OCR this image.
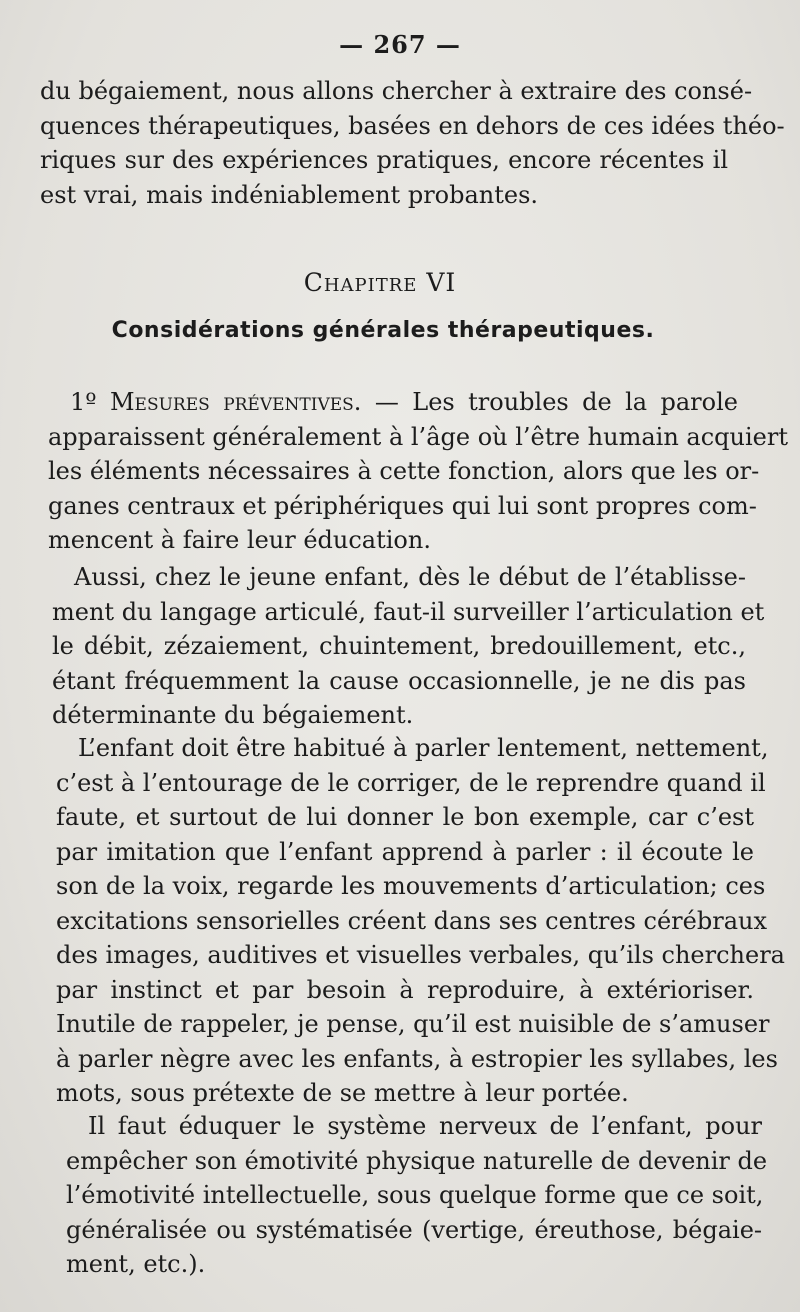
— 267 —
du bégaiement, nous allons chercher à extraire des consé-
quences thérapeutiques, basées en dehors de ces idées théo-
riques sur des expériences pratiques, encore récentes il
est vrai, mais indéniablement probantes.
Chapitre VI
Considérations générales thérapeutiques.
1º Mesures préventives. — Les troubles de la parole
apparaissent généralement à l’âge où l’être humain acquiert
les éléments nécessaires à cette fonction, alors que les or-
ganes centraux et périphériques qui lui sont propres com-
mencent à faire leur éducation.
Aussi, chez le jeune enfant, dès le début de l’établisse-
ment du langage articulé, faut-il surveiller l’articulation et
le débit, zézaiement, chuintement, bredouillement, etc.,
étant fréquemment la cause occasionnelle, je ne dis pas
déterminante du bégaiement.
L’enfant doit être habitué à parler lentement, nettement,
c’est à l’entourage de le corriger, de le reprendre quand il
faute, et surtout de lui donner le bon exemple, car c’est
par imitation que l’enfant apprend à parler : il écoute le
son de la voix, regarde les mouvements d’articulation; ces
excitations sensorielles créent dans ses centres cérébraux
des images, auditives et visuelles verbales, qu’ils cherchera
par instinct et par besoin à reproduire, à extérioriser.
Inutile de rappeler, je pense, qu’il est nuisible de s’amuser
à parler nègre avec les enfants, à estropier les syllabes, les
mots, sous prétexte de se mettre à leur portée.
Il faut éduquer le système nerveux de l’enfant, pour
empêcher son émotivité physique naturelle de devenir de
l’émotivité intellectuelle, sous quelque forme que ce soit,
généralisée ou systématisée (vertige, éreuthose, bégaie-
ment, etc.).
